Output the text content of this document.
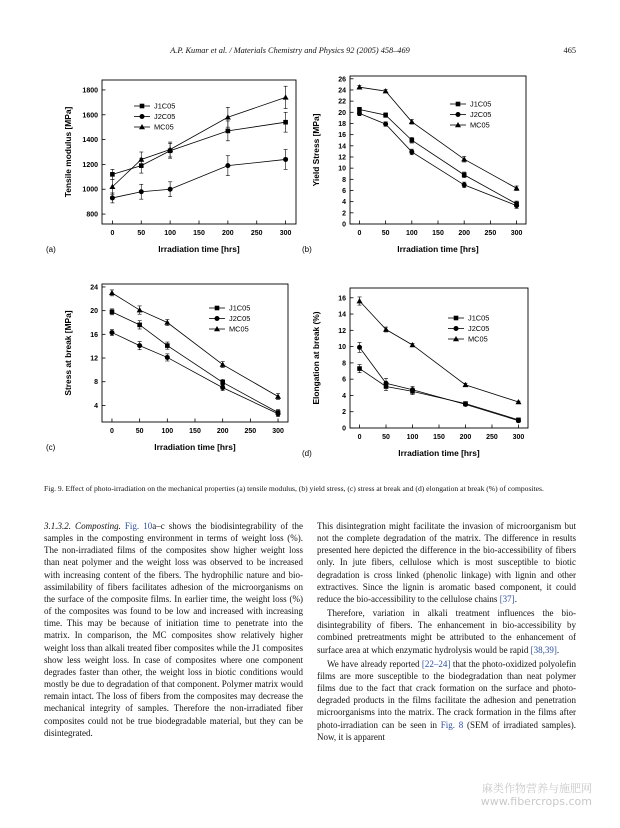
A.P. Kumar et al. / Materials Chemistry and Physics 92 (2005) 458–469	465
0	50	100 150 200 250 300
800
1000
1200
1400
1600
1800
Irradiation time [hrs]
Tensile modulus [MPa]
(a)
J1C05
J2C05
MC05
0	50 100 150 200 250 300
0
2
4
6
8
10
12
14
16
18
20
22
24
26
Irradiation time [hrs]
Yield Stress [MPa]
(b)
J1C05
J2C05
MC05
0	50	100 150 200 250 300
4
8
12
16
20
24
Irradiation time [hrs]
Stress at break [MPa]
(c)
J1C05
J2C05
MC05
0	50 100 150 200 250 300
0
2
4
6
8
10
12
14
16
Irradiation time [hrs]
Elongation at break (%)
(d)
J1C05
J2C05
MC05
Fig. 9. Effect of photo-irradiation on the mechanical properties (a) tensile modulus, (b) yield stress, (c) stress at break and (d) elongation at break (%) of composites.

3.1.3.2. Composting. Fig. 10a–c shows the biodisintegrability of the samples in the composting environment in terms of weight loss (%). The non-irradiated films of the composites show higher weight loss than neat polymer and the weight loss was observed to be increased with increasing content of the fibers. The hydrophilic nature and bio-assimilability of fibers facilitates adhesion of the microorganisms on the surface of the composite films. In earlier time, the weight loss (%) of the composites was found to be low and increased with increasing time. This may be because of initiation time to penetrate into the matrix. In comparison, the MC composites show relatively higher weight loss than alkali treated fiber composites while the J1 composites show less weight loss. In case of composites where one component degrades faster than other, the weight loss in biotic conditions would mostly be due to degradation of that component. Polymer matrix would remain intact. The loss of fibers from the composites may decrease the mechanical integrity of samples. Therefore the non-irradiated fiber composites could not be true biodegradable material, but they can be disintegrated.

This disintegration might facilitate the invasion of microorganism but not the complete degradation of the matrix. The difference in results presented here depicted the difference in the bio-accessibility of fibers only. In jute fibers, cellulose which is most susceptible to biotic degradation is cross linked (phenolic linkage) with lignin and other extractives. Since the lignin is aromatic based component, it could reduce the bio-accessibility to the cellulose chains [37].

Therefore, variation in alkali treatment influences the bio-disintegrability of fibers. The enhancement in bio-accessibility by combined pretreatments might be attributed to the enhancement of surface area at which enzymatic hydrolysis would be rapid [38,39].

We have already reported [22–24] that the photo-oxidized polyolefin films are more susceptible to the biodegradation than neat polymer films due to the fact that crack formation on the surface and photo-degraded products in the films facilitate the adhesion and penetration microorganisms into the matrix. The crack formation in the films after photo-irradiation can be seen in Fig. 8 (SEM of irradiated samples). Now, it is apparent

麻类作物营养与施肥网
www.fibercrops.com
